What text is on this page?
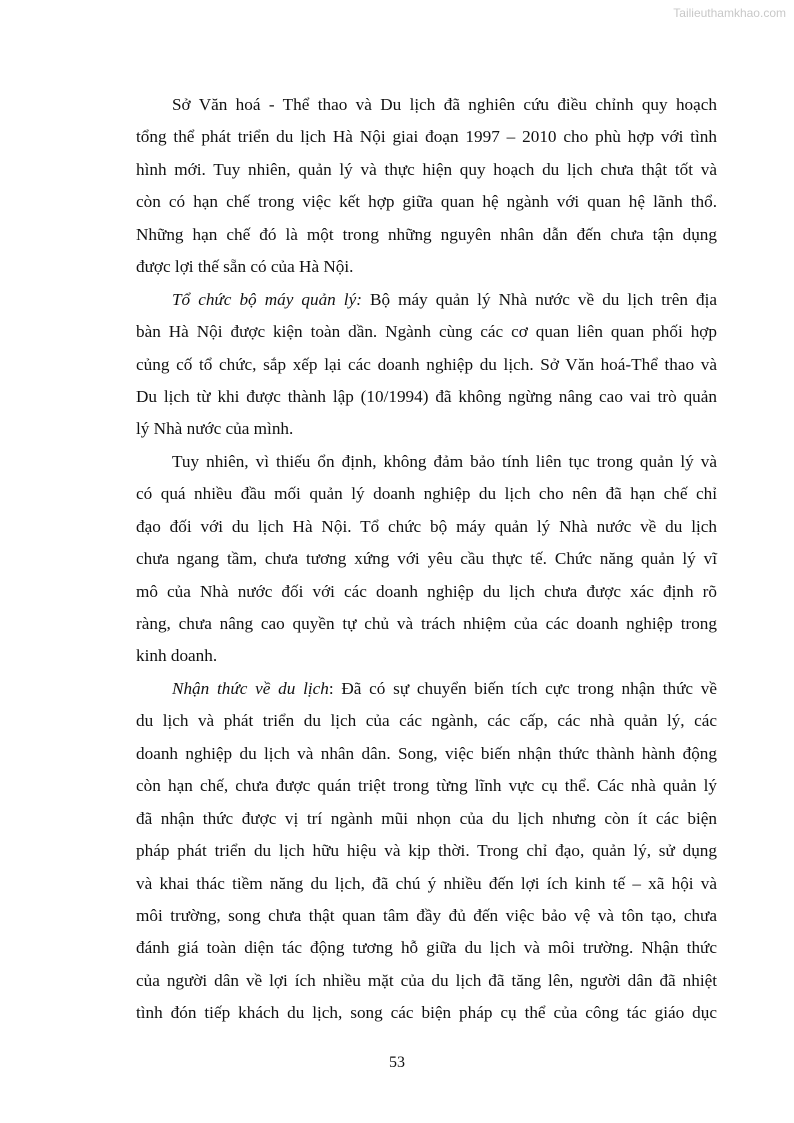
Tailieuthamkhao.com
Sở Văn hoá - Thể thao và Du lịch đã nghiên cứu điều chỉnh quy hoạch
tổng thể phát triển du lịch Hà Nội giai đoạn 1997 – 2010 cho phù hợp với tình
hình mới. Tuy nhiên, quản lý và thực hiện quy hoạch du lịch chưa thật tốt và
còn có hạn chế trong việc kết hợp giữa quan hệ ngành với quan hệ lãnh thổ.
Những hạn chế đó là một trong những nguyên nhân dẫn đến chưa tận dụng
được lợi thế sẵn có của Hà Nội.
Tổ chức bộ máy quản lý: Bộ máy quản lý Nhà nước về du lịch trên địa
bàn Hà Nội được kiện toàn dần. Ngành cùng các cơ quan liên quan phối hợp
củng cố tổ chức, sắp xếp lại các doanh nghiệp du lịch. Sở Văn hoá-Thể thao và
Du lịch từ khi được thành lập (10/1994) đã không ngừng nâng cao vai trò quản
lý Nhà nước của mình.
Tuy nhiên, vì thiếu ổn định, không đảm bảo tính liên tục trong quản lý và
có quá nhiều đầu mối quản lý doanh nghiệp du lịch cho nên đã hạn chế chỉ
đạo đối với du lịch Hà Nội. Tổ chức bộ máy quản lý Nhà nước về du lịch
chưa ngang tầm, chưa tương xứng với yêu cầu thực tế. Chức năng quản lý vĩ
mô của Nhà nước đối với các doanh nghiệp du lịch chưa được xác định rõ
ràng, chưa nâng cao quyền tự chủ và trách nhiệm của các doanh nghiệp trong
kinh doanh.
Nhận thức về du lịch: Đã có sự chuyển biến tích cực trong nhận thức về
du lịch và phát triển du lịch của các ngành, các cấp, các nhà quản lý, các
doanh nghiệp du lịch và nhân dân. Song, việc biến nhận thức thành hành động
còn hạn chế, chưa được quán triệt trong từng lĩnh vực cụ thể. Các nhà quản lý
đã nhận thức được vị trí ngành mũi nhọn của du lịch nhưng còn ít các biện
pháp phát triển du lịch hữu hiệu và kịp thời. Trong chỉ đạo, quản lý, sử dụng
và khai thác tiềm năng du lịch, đã chú ý nhiều đến lợi ích kinh tế – xã hội và
môi trường, song chưa thật quan tâm đầy đủ đến việc bảo vệ và tôn tạo, chưa
đánh giá toàn diện tác động tương hỗ giữa du lịch và môi trường. Nhận thức
của người dân về lợi ích nhiều mặt của du lịch đã tăng lên, người dân đã nhiệt
tình đón tiếp khách du lịch, song các biện pháp cụ thể của công tác giáo dục
53
